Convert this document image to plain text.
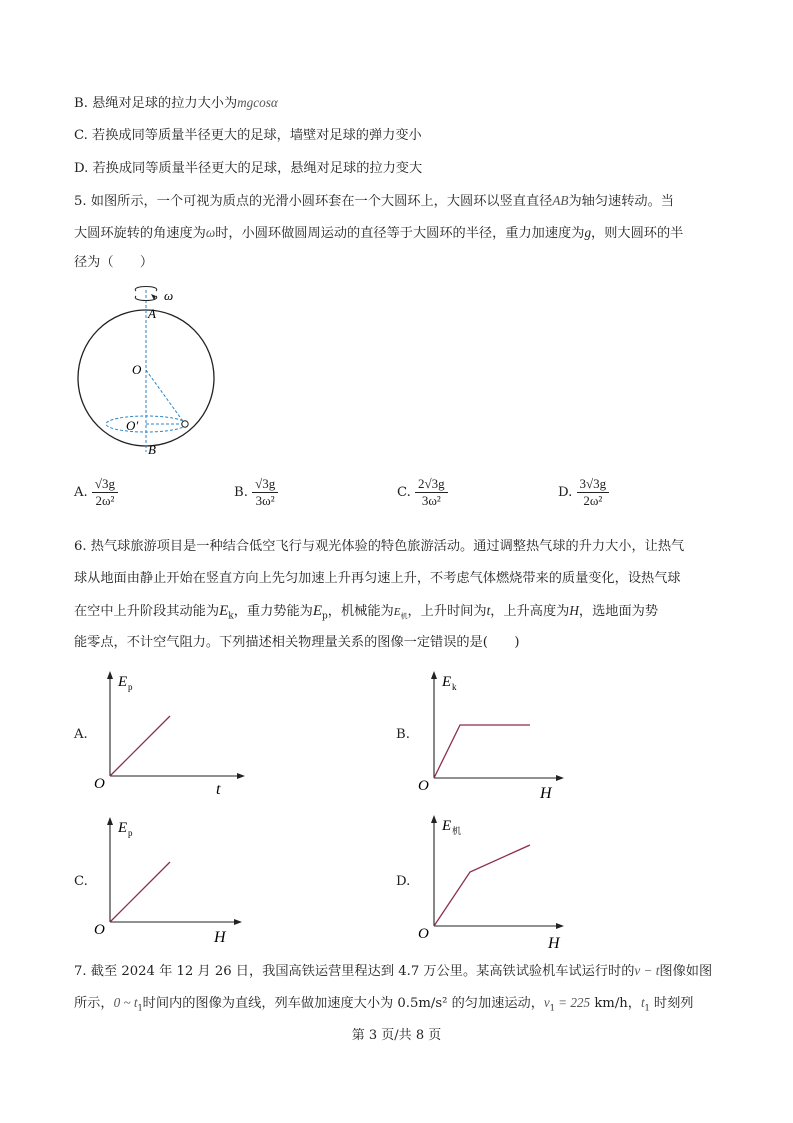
B. 悬绳对足球的拉力大小为mgcosα
C. 若换成同等质量半径更大的足球，墙壁对足球的弹力变小
D. 若换成同等质量半径更大的足球，悬绳对足球的拉力变大
5. 如图所示，一个可视为质点的光滑小圆环套在一个大圆环上，大圆环以竖直直径AB为轴匀速转动。当
大圆环旋转的角速度为ω时，小圆环做圆周运动的直径等于大圆环的半径，重力加速度为g，则大圆环的半
径为（　　）
ω
A
O
O′
B
A. $\frac{√3g}{\text{2ω²}}$	B. $\frac{√3g}{\text{3ω²}}$	C. $\frac{2√3g}{\text{3ω²}}$	D. $\frac{3√3g}{\text{2ω²}}$
6. 热气球旅游项目是一种结合低空飞行与观光体验的特色旅游活动。通过调整热气球的升力大小，让热气
球从地面由静止开始在竖直方向上先匀加速上升再匀速上升，不考虑气体燃烧带来的质量变化，设热气球
在空中上升阶段其动能为$E_k$，重力势能为$E_p$，机械能为$E_机$，上升时间为t，上升高度为H，选地面为势
能零点，不计空气阻力。下列描述相关物理量关系的图像一定错误的是(　　)
A.
E p
O	t
B.
E k
O	H
C.
E p
O	H
D.
E 机
O
H
7. 截至 2024 年 12 月 26 日，我国高铁运营里程达到 4.7 万公里。某高铁试验机车试运行时的v − t图像如图
所示，0 ~ $t_1$时间内的图像为直线，列车做加速度大小为 0.5m/s² 的匀加速运动，$v_1 = 225$ km/h，$t_1$ 时刻列
第 3 页/共 8 页
